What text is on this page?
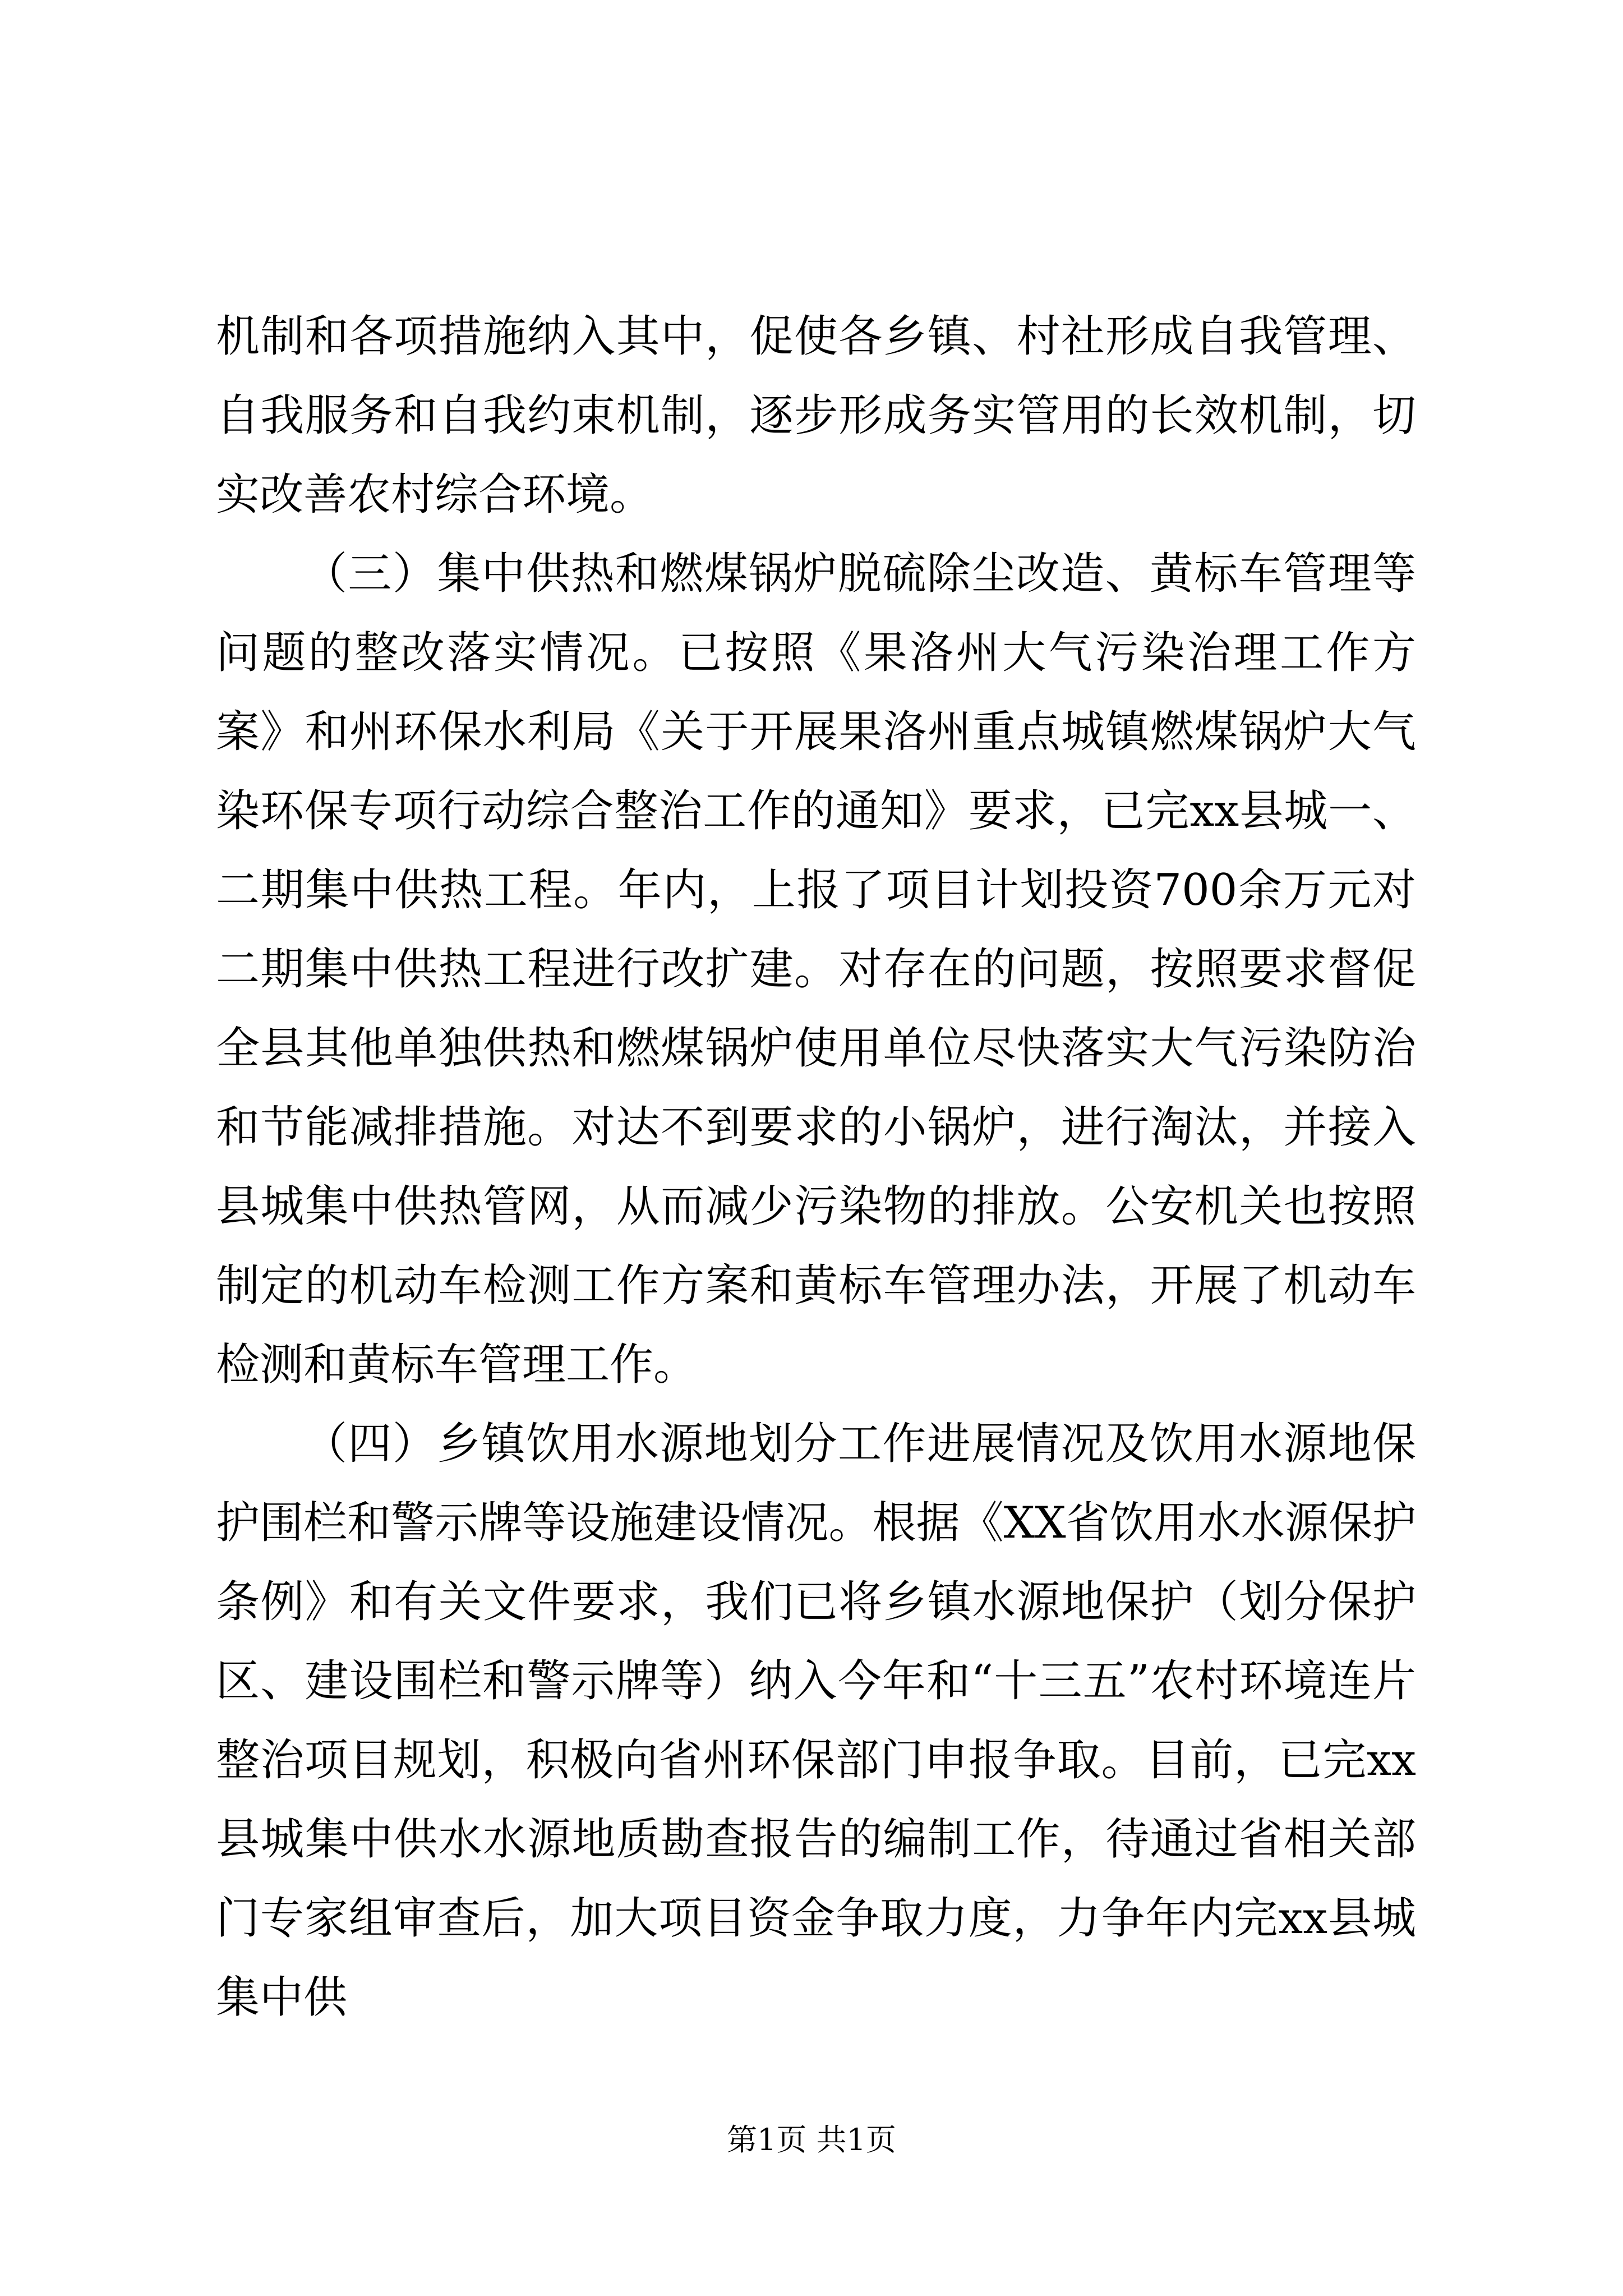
机制和各项措施纳入其中，促使各乡镇、村社形成自我管理、自我服务和自我约束机制，逐步形成务实管用的长效机制，切实改善农村综合环境。

（三）集中供热和燃煤锅炉脱硫除尘改造、黄标车管理等问题的整改落实情况。已按照《果洛州大气污染治理工作方案》和州环保水利局《关于开展果洛州重点城镇燃煤锅炉大气染环保专项行动综合整治工作的通知》要求，已完xx县城一、二期集中供热工程。年内，上报了项目计划投资700余万元对二期集中供热工程进行改扩建。对存在的问题，按照要求督促全县其他单独供热和燃煤锅炉使用单位尽快落实大气污染防治和节能减排措施。对达不到要求的小锅炉，进行淘汰，并接入县城集中供热管网，从而减少污染物的排放。公安机关也按照制定的机动车检测工作方案和黄标车管理办法，开展了机动车检测和黄标车管理工作。

（四）乡镇饮用水源地划分工作进展情况及饮用水源地保护围栏和警示牌等设施建设情况。根据《XX省饮用水水源保护条例》和有关文件要求，我们已将乡镇水源地保护（划分保护区、建设围栏和警示牌等）纳入今年和“十三五”农村环境连片整治项目规划，积极向省州环保部门申报争取。目前，已完xx县城集中供水水源地质勘查报告的编制工作，待通过省相关部门专家组审查后，加大项目资金争取力度，力争年内完xx县城集中供

第1页 共1页
